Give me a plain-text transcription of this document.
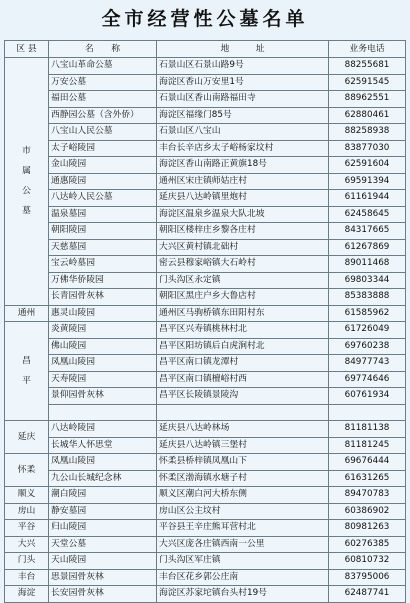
全市经营性公墓名单
区 县	名　　称	地　　　址	业务电话

市
属
公
墓	八宝山革命公墓	石景山区石景山路9号	88255681
	万安公墓	海淀区香山万安里1号	62591545
	福田公墓	石景山区香山南路福田寺	88962551
	西静园公墓（含外侨）	海淀区福缘门85号	62880461
	八宝山人民公墓	石景山区八宝山	88258938
	太子峪陵园	丰台长辛店乡太子峪杨家坟村	83877030
	金山陵园	海淀区香山南路正黄旗18号	62591604
	通惠陵园	通州区宋庄镇师姑庄村	69591394
	八达岭人民公墓	延庆县八达岭镇里炮村	61161944
	温泉墓园	海淀区温泉乡温泉大队北坡	62458645
	朝阳陵园	朝阳区楼梓庄乡黎各庄村	84317665
	天慈墓园	大兴区黄村镇北础村	61267869
	宝云岭墓园	密云县穆家峪镇大石岭村	89011468
	万佛华侨陵园	门头沟区永定镇	69803344
	长青园骨灰林	朝阳区黑庄户乡大鲁店村	85383888
通州	惠灵山陵园	通州区马驹桥镇东田阳村东	61585962

昌
平	炎黄陵园	昌平区兴寿镇桃林村北	61726049
	佛山陵园	昌平区阳坊镇后白虎涧村北	69760238
	凤凰山陵园	昌平区南口镇龙潭村	84977743
	天寿陵园	昌平区南口镇檀峪村西	69774646
	景仰园骨灰林	昌平区长陵镇景陵沟	60761934

延庆	八达岭陵园	延庆县八达岭林场	81181138
	长城华人怀思堂	延庆县八达岭镇三堡村	81181245
怀柔	凤凰山陵园	怀柔县桥梓镇凤凰山下	69676444
	九公山长城纪念林	怀柔区渤海镇水塘子村	61631265
顺义	潮白陵园	顺义区潮白河大桥东侧	89470783
房山	静安墓园	房山区公主坟村	60386902
平谷	归山陵园	平谷县王辛庄熊耳营村北	80981263
大兴	天堂公墓	大兴区庞各庄镇西南一公里	60276385
门头	天山陵园	门头沟区军庄镇	60810732
丰台	思景园骨灰林	丰台区花乡郭公庄南	83795006
海淀	长安园骨灰林	海淀区苏家坨镇台头村19号	62487741
